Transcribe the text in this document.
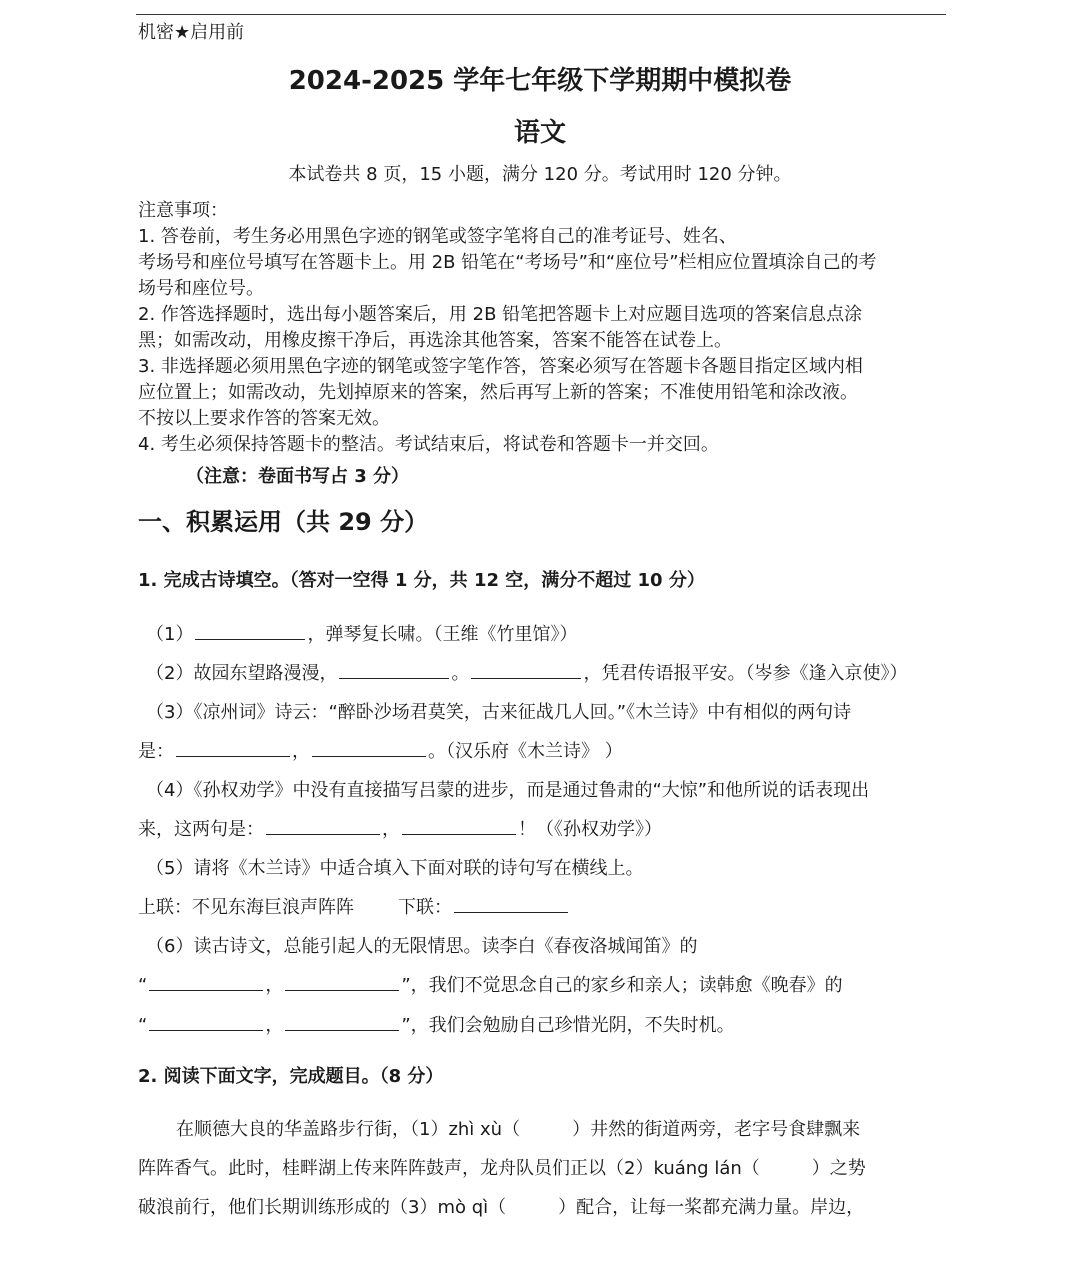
机密★启用前
2024-2025 学年七年级下学期期中模拟卷
语文
本试卷共 8 页，15 小题，满分 120 分。考试用时 120 分钟。
注意事项：
1. 答卷前，考生务必用黑色字迹的钢笔或签字笔将自己的准考证号、姓名、
考场号和座位号填写在答题卡上。用 2B 铅笔在“考场号”和“座位号”栏相应位置填涂自己的考
场号和座位号。
2. 作答选择题时，选出每小题答案后，用 2B 铅笔把答题卡上对应题目选项的答案信息点涂
黑；如需改动，用橡皮擦干净后，再选涂其他答案，答案不能答在试卷上。
3. 非选择题必须用黑色字迹的钢笔或签字笔作答，答案必须写在答题卡各题目指定区域内相
应位置上；如需改动，先划掉原来的答案，然后再写上新的答案；不准使用铅笔和涂改液。
不按以上要求作答的答案无效。
4. 考生必须保持答题卡的整洁。考试结束后，将试卷和答题卡一并交回。
（注意：卷面书写占 3 分）
一、积累运用（共 29 分）
1. 完成古诗填空。（答对一空得 1 分，共 12 空，满分不超过 10 分）
（1）	，弹琴复长啸。（王维《竹里馆》）
（2）故园东望路漫漫，	。	，凭君传语报平安。（岑参《逢入京使》）
（3）《凉州词》诗云：“醉卧沙场君莫笑，古来征战几人回。”《木兰诗》中有相似的两句诗
是：	，	。（汉乐府《木兰诗》 ）
（4）《孙权劝学》中没有直接描写吕蒙的进步，而是通过鲁肃的“大惊”和他所说的话表现出
来，这两句是：	，	！（《孙权劝学》）
（5）请将《木兰诗》中适合填入下面对联的诗句写在横线上。
上联：不见东海巨浪声阵阵 下联：
（6）读古诗文，总能引起人的无限情思。读李白《春夜洛城闻笛》的
“	，	”，我们不觉思念自己的家乡和亲人；读韩愈《晚春》的
“	，	”，我们会勉励自己珍惜光阴，不失时机。
2. 阅读下面文字，完成题目。（8 分）
在顺德大良的华盖路步行街，（1）zhì xù（	）井然的街道两旁，老字号食肆飘来
阵阵香气。此时，桂畔湖上传来阵阵鼓声，龙舟队员们正以（2）kuáng lán（	）之势
破浪前行，他们长期训练形成的（3）mò qì（	）配合，让每一桨都充满力量。岸边，
